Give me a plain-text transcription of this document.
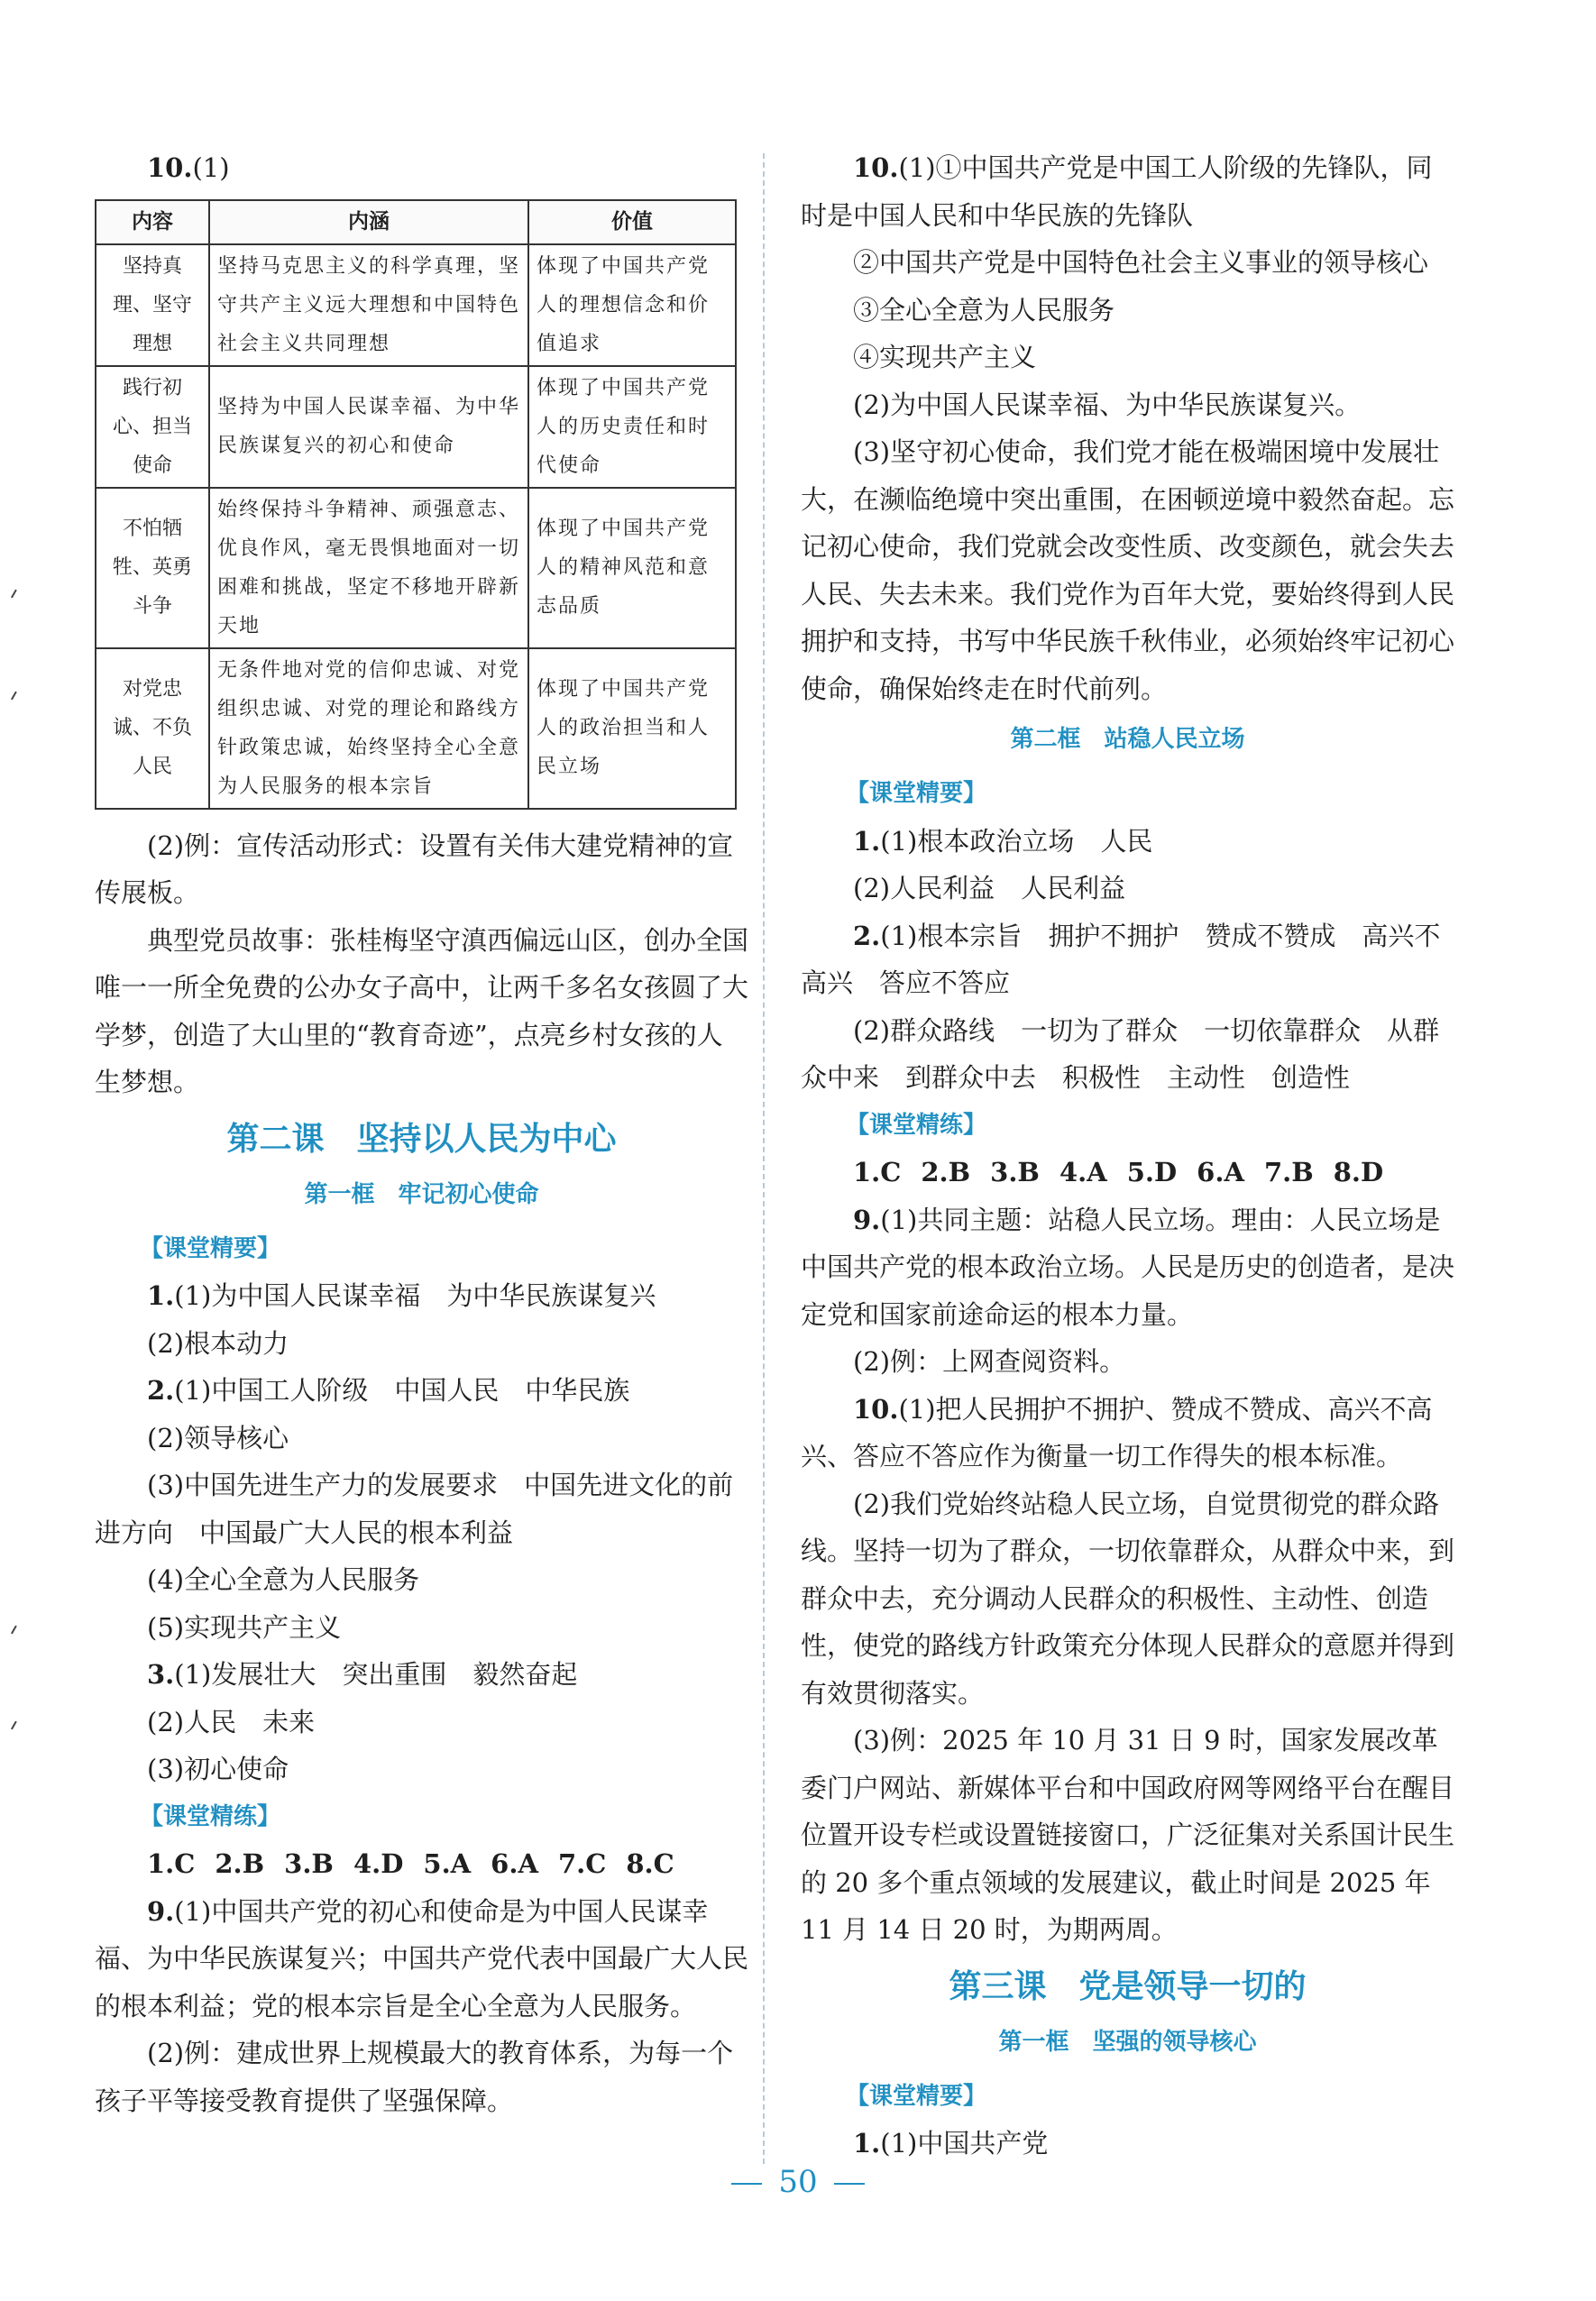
10.(1)

内容	内涵	价值
坚持真理、坚守理想	坚持马克思主义的科学真理，坚守共产主义远大理想和中国特色社会主义共同理想	体现了中国共产党人的理想信念和价值追求
践行初心、担当使命	坚持为中国人民谋幸福、为中华民族谋复兴的初心和使命	体现了中国共产党人的历史责任和时代使命
不怕牺牲、英勇斗争	始终保持斗争精神、顽强意志、优良作风，毫无畏惧地面对一切困难和挑战，坚定不移地开辟新天地	体现了中国共产党人的精神风范和意志品质
对党忠诚、不负人民	无条件地对党的信仰忠诚、对党组织忠诚、对党的理论和路线方针政策忠诚，始终坚持全心全意为人民服务的根本宗旨	体现了中国共产党人的政治担当和人民立场

(2)例：宣传活动形式：设置有关伟大建党精神的宣传展板。

典型党员故事：张桂梅坚守滇西偏远山区，创办全国唯一一所全免费的公办女子高中，让两千多名女孩圆了大学梦，创造了大山里的“教育奇迹”，点亮乡村女孩的人生梦想。

第二课　坚持以人民为中心
第一框　牢记初心使命
【课堂精要】

1.(1)为中国人民谋幸福　为中华民族谋复兴

(2)根本动力

2.(1)中国工人阶级　中国人民　中华民族

(2)领导核心

(3)中国先进生产力的发展要求　中国先进文化的前进方向　中国最广大人民的根本利益

(4)全心全意为人民服务

(5)实现共产主义

3.(1)发展壮大　突出重围　毅然奋起

(2)人民　未来

(3)初心使命

【课堂精练】

1.C 2.B 3.B 4.D 5.A 6.A 7.C 8.C

9.(1)中国共产党的初心和使命是为中国人民谋幸福、为中华民族谋复兴；中国共产党代表中国最广大人民的根本利益；党的根本宗旨是全心全意为人民服务。

(2)例：建成世界上规模最大的教育体系，为每一个孩子平等接受教育提供了坚强保障。

10.(1)①中国共产党是中国工人阶级的先锋队，同时是中国人民和中华民族的先锋队

②中国共产党是中国特色社会主义事业的领导核心

③全心全意为人民服务

④实现共产主义

(2)为中国人民谋幸福、为中华民族谋复兴。

(3)坚守初心使命，我们党才能在极端困境中发展壮大，在濒临绝境中突出重围，在困顿逆境中毅然奋起。忘记初心使命，我们党就会改变性质、改变颜色，就会失去人民、失去未来。我们党作为百年大党，要始终得到人民拥护和支持，书写中华民族千秋伟业，必须始终牢记初心使命，确保始终走在时代前列。

第二框　站稳人民立场
【课堂精要】

1.(1)根本政治立场　人民

(2)人民利益　人民利益

2.(1)根本宗旨　拥护不拥护　赞成不赞成　高兴不高兴　答应不答应

(2)群众路线　一切为了群众　一切依靠群众　从群众中来　到群众中去　积极性　主动性　创造性

【课堂精练】

1.C 2.B 3.B 4.A 5.D 6.A 7.B 8.D

9.(1)共同主题：站稳人民立场。理由：人民立场是中国共产党的根本政治立场。人民是历史的创造者，是决定党和国家前途命运的根本力量。

(2)例：上网查阅资料。

10.(1)把人民拥护不拥护、赞成不赞成、高兴不高兴、答应不答应作为衡量一切工作得失的根本标准。

(2)我们党始终站稳人民立场，自觉贯彻党的群众路线。坚持一切为了群众，一切依靠群众，从群众中来，到群众中去，充分调动人民群众的积极性、主动性、创造性，使党的路线方针政策充分体现人民群众的意愿并得到有效贯彻落实。

(3)例：2025 年 10 月 31 日 9 时，国家发展改革委门户网站、新媒体平台和中国政府网等网络平台在醒目位置开设专栏或设置链接窗口，广泛征集对关系国计民生的 20 多个重点领域的发展建议，截止时间是 2025 年 11 月 14 日 20 时，为期两周。

第三课　党是领导一切的
第一框　坚强的领导核心
【课堂精要】

1.(1)中国共产党

50
